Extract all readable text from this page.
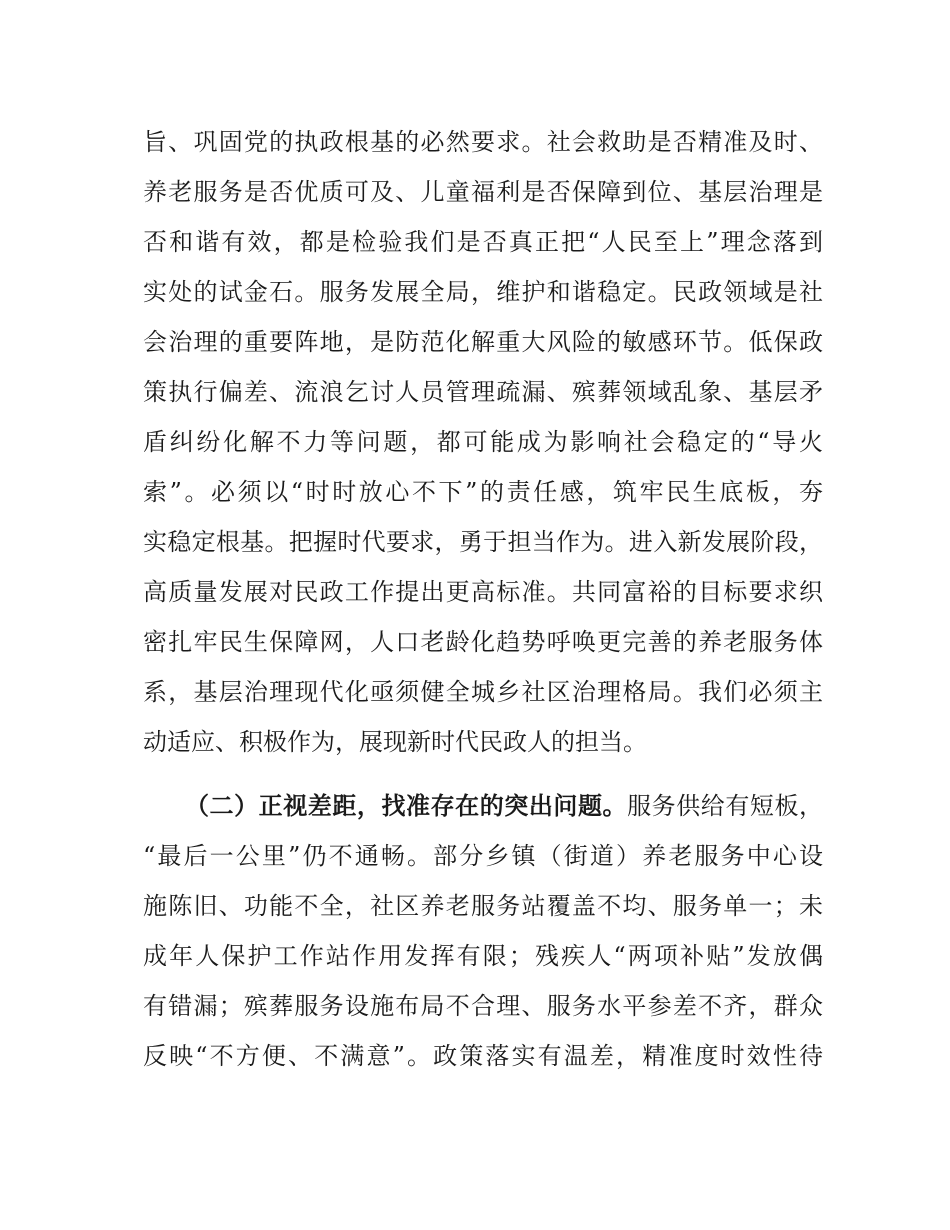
旨、巩固党的执政根基的必然要求。社会救助是否精准及时、
养老服务是否优质可及、儿童福利是否保障到位、基层治理是
否和谐有效，都是检验我们是否真正把“人民至上”理念落到
实处的试金石。服务发展全局，维护和谐稳定。民政领域是社
会治理的重要阵地，是防范化解重大风险的敏感环节。低保政
策执行偏差、流浪乞讨人员管理疏漏、殡葬领域乱象、基层矛
盾纠纷化解不力等问题，都可能成为影响社会稳定的“导火
索”。必须以“时时放心不下”的责任感，筑牢民生底板，夯
实稳定根基。把握时代要求，勇于担当作为。进入新发展阶段，
高质量发展对民政工作提出更高标准。共同富裕的目标要求织
密扎牢民生保障网，人口老龄化趋势呼唤更完善的养老服务体
系，基层治理现代化亟须健全城乡社区治理格局。我们必须主
动适应、积极作为，展现新时代民政人的担当。
（二）正视差距，找准存在的突出问题。服务供给有短板，
“最后一公里”仍不通畅。部分乡镇（街道）养老服务中心设
施陈旧、功能不全，社区养老服务站覆盖不均、服务单一；未
成年人保护工作站作用发挥有限；残疾人“两项补贴”发放偶
有错漏；殡葬服务设施布局不合理、服务水平参差不齐，群众
反映“不方便、不满意”。政策落实有温差，精准度时效性待
